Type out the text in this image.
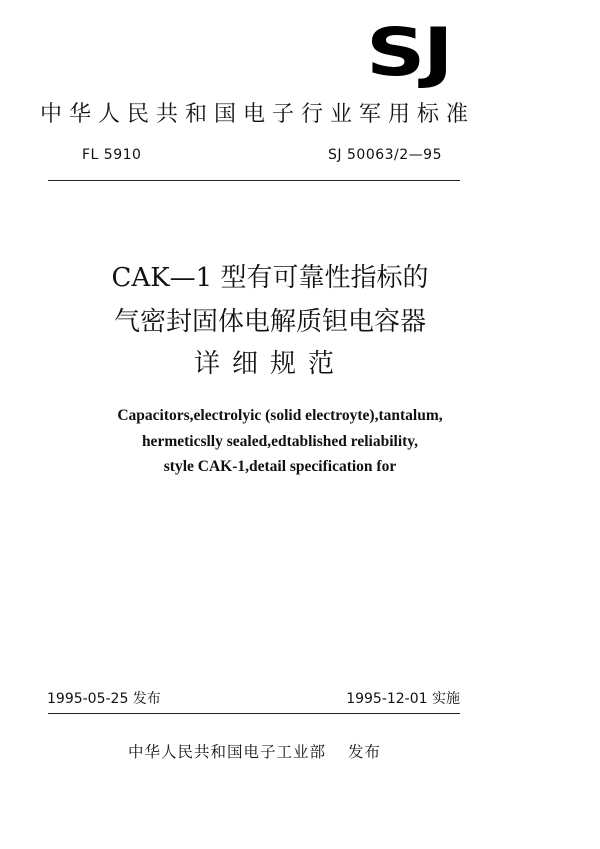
SJ
中华人民共和国电子行业军用标准
FL 5910	SJ 50063/2—95
CAK—1 型有可靠性指标的
气密封固体电解质钽电容器
详细规范
Capacitors,electrolyic (solid electroyte),tantalum,
hermeticslly sealed,edtablished reliability,
style CAK-1,detail specification for
1995-05-25 发布	1995-12-01 实施
中华人民共和国电子工业部 发布
